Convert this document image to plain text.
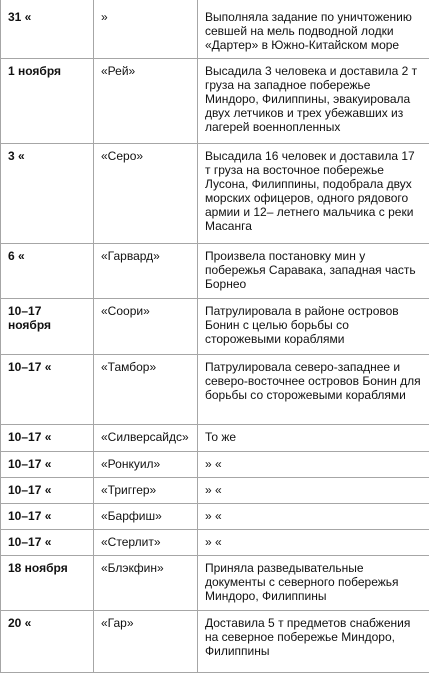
31 «	»	Выполняла задание по уничтожению севшей на мель подводной лодки «Дартер» в Южно-Китайском море
1 ноября	«Рей»	Высадила 3 человека и доставила 2 т груза на западное побережье Миндоро, Филиппины, эвакуировала двух летчиков и трех убежавших из лагерей военнопленных
3 «	«Серо»	Высадила 16 человек и доставила 17 т груза на восточное побережье Лусона, Филиппины, подобрала двух морских офицеров, одного рядового армии и 12– летнего мальчика с реки Масанга
6 «	«Гарвард»	Произвела постановку мин у побережья Саравака, западная часть Борнео
10–17 ноября	«Соори»	Патрулировала в районе островов Бонин с целью борьбы со сторожевыми кораблями
10–17 «	«Тамбор»	Патрулировала северо-западнее и северо-восточнее островов Бонин для борьбы со сторожевыми кораблями
10–17 «	«Силверсайдс»	То же
10–17 «	«Ронкуил»	» «
10–17 «	«Триггер»	» «
10–17 «	«Барфиш»	» «
10–17 «	«Стерлит»	» «
18 ноября	«Блэкфин»	Приняла разведывательные документы с северного побережья Миндоро, Филиппины
20 «	«Гар»	Доставила 5 т предметов снабжения на северное побережье Миндоро, Филиппины
